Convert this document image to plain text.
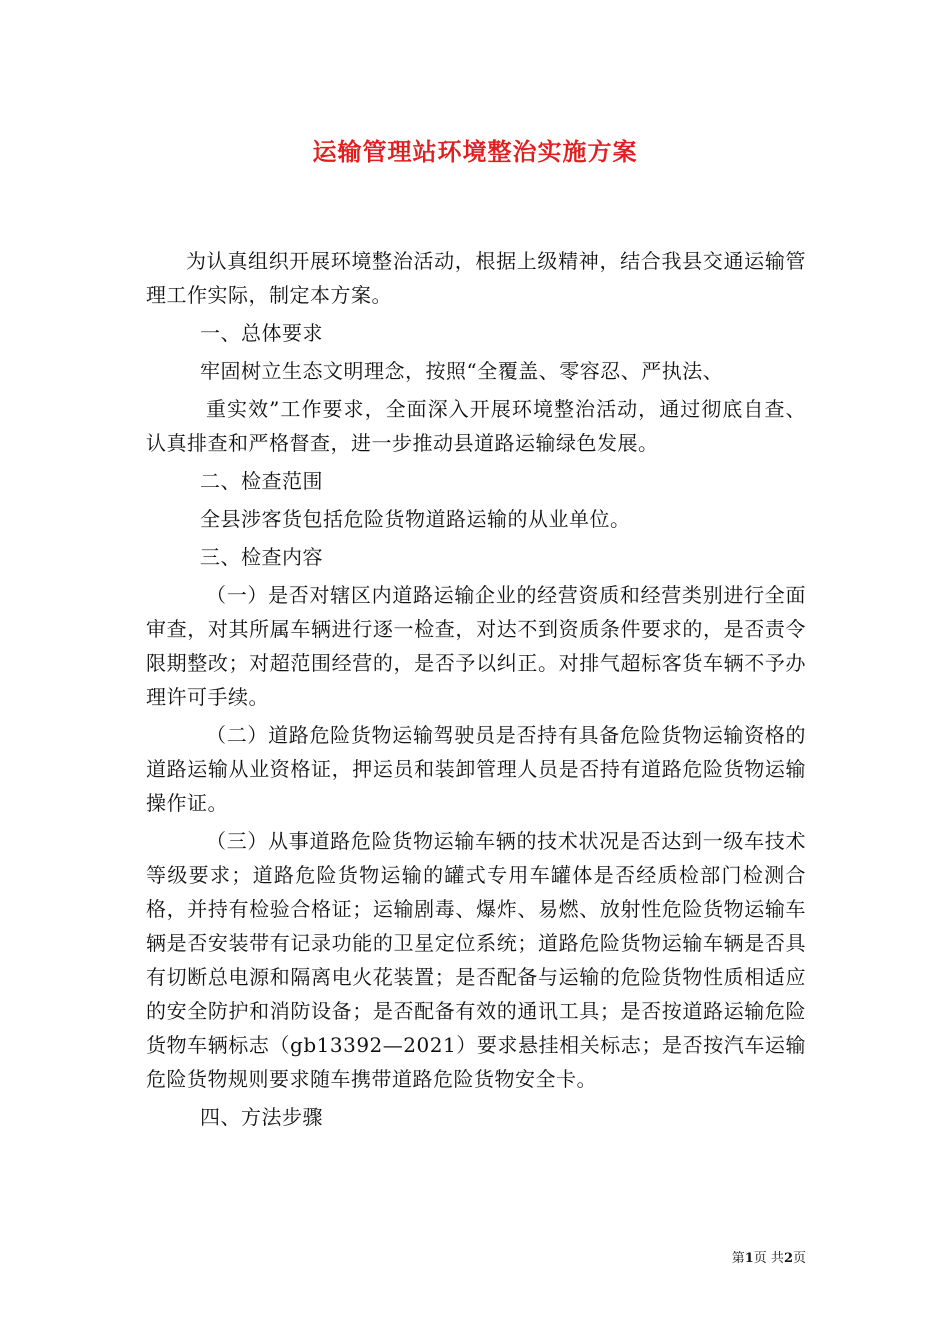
运输管理站环境整治实施方案

为认真组织开展环境整治活动，根据上级精神，结合我县交通运输管理工作实际，制定本方案。

一、总体要求

牢固树立生态文明理念，按照“全覆盖、零容忍、严执法、

重实效”工作要求，全面深入开展环境整治活动，通过彻底自查、认真排查和严格督查，进一步推动县道路运输绿色发展。

二、检查范围

全县涉客货包括危险货物道路运输的从业单位。

三、检查内容

（一）是否对辖区内道路运输企业的经营资质和经营类别进行全面审查，对其所属车辆进行逐一检查，对达不到资质条件要求的，是否责令限期整改；对超范围经营的，是否予以纠正。对排气超标客货车辆不予办理许可手续。

（二）道路危险货物运输驾驶员是否持有具备危险货物运输资格的道路运输从业资格证，押运员和装卸管理人员是否持有道路危险货物运输操作证。

（三）从事道路危险货物运输车辆的技术状况是否达到一级车技术等级要求；道路危险货物运输的罐式专用车罐体是否经质检部门检测合格，并持有检验合格证；运输剧毒、爆炸、易燃、放射性危险货物运输车辆是否安装带有记录功能的卫星定位系统；道路危险货物运输车辆是否具有切断总电源和隔离电火花装置；是否配备与运输的危险货物性质相适应的安全防护和消防设备；是否配备有效的通讯工具；是否按道路运输危险货物车辆标志（gb13392—2021）要求悬挂相关标志；是否按汽车运输危险货物规则要求随车携带道路危险货物安全卡。

四、方法步骤

第1页 共2页
